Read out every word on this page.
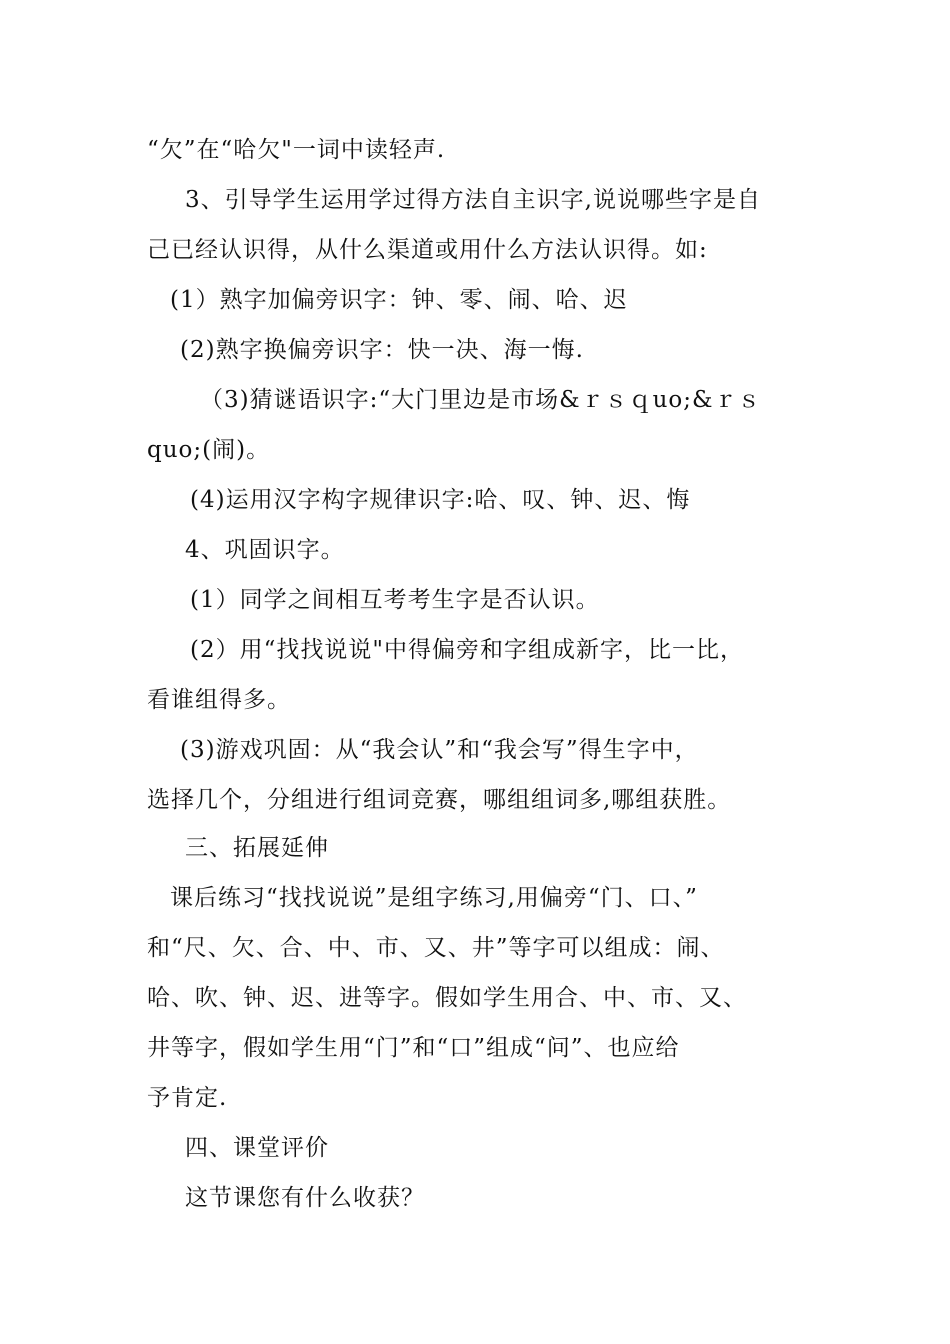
“欠”在“哈欠"一词中读轻声.
3、引导学生运用学过得方法自主识字,说说哪些字是自
己已经认识得，从什么渠道或用什么方法认识得。如:
(1）熟字加偏旁识字：钟、零、闹、哈、迟
(2)熟字换偏旁识字：快一决、海一悔.
（3)猜谜语识字:“大门里边是市场&ｒｓｑuo;&ｒｓ
quo;(闹)。
(4)运用汉字构字规律识字:哈、叹、钟、迟、悔
4、巩固识字。
(1）同学之间相互考考生字是否认识。
(2）用“找找说说"中得偏旁和字组成新字，比一比，
看谁组得多。
(3)游戏巩固：从“我会认”和“我会写”得生字中，
选择几个，分组进行组词竞赛，哪组组词多,哪组获胜。
三、拓展延伸
课后练习“找找说说”是组字练习,用偏旁“门、口、”
和“尺、欠、合、中、市、又、井”等字可以组成：闹、
哈、吹、钟、迟、进等字。假如学生用合、中、市、又、
井等字，假如学生用“门”和“口”组成“问”、也应给
予肯定.
四、课堂评价
这节课您有什么收获？
